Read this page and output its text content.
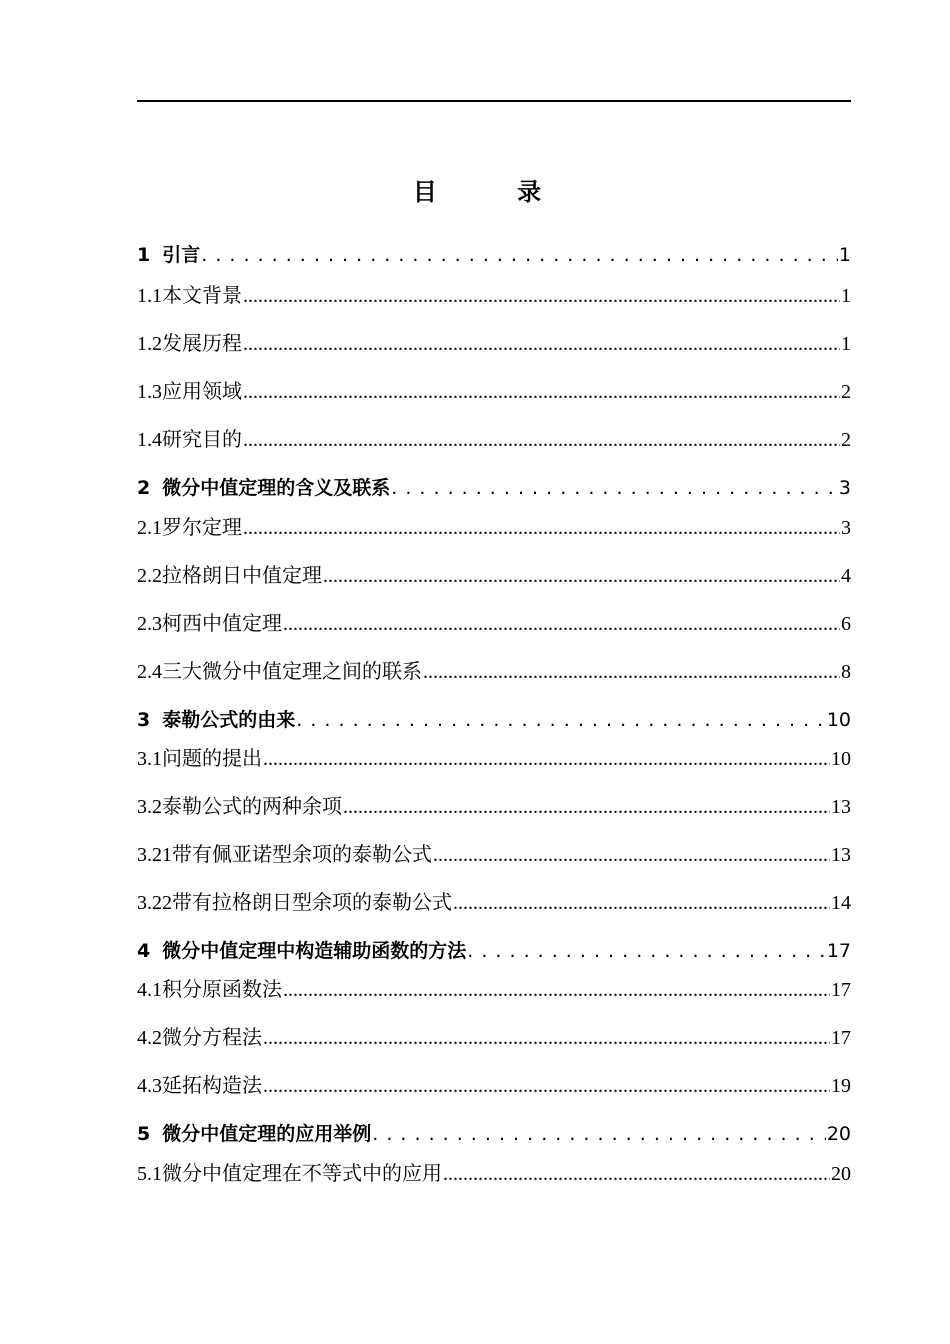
目 录
1 引言 . . .	1
1.1 本文背景 .....	1
1.2 发展历程 .....	1
1.3 应用领域 .....	2
1.4 研究目的 .....	2
2 微分中值定理的含义及联系 . . .	3
2.1 罗尔定理 .....	3
2.2 拉格朗日中值定理 .....	4
2.3 柯西中值定理 .....	6
2.4 三大微分中值定理之间的联系 .....	8
3 泰勒公式的由来 . . .	10
3.1 问题的提出 .....	10
3.2 泰勒公式的两种余项 .....	13
3.21 带有佩亚诺型余项的泰勒公式 .....	13
3.22 带有拉格朗日型余项的泰勒公式 .....	14
4 微分中值定理中构造辅助函数的方法 . . .	17
4.1 积分原函数法 .....	17
4.2 微分方程法 .....	17
4.3 延拓构造法 .....	19
5 微分中值定理的应用举例 . . .	20
5.1 微分中值定理在不等式中的应用 .....	20
